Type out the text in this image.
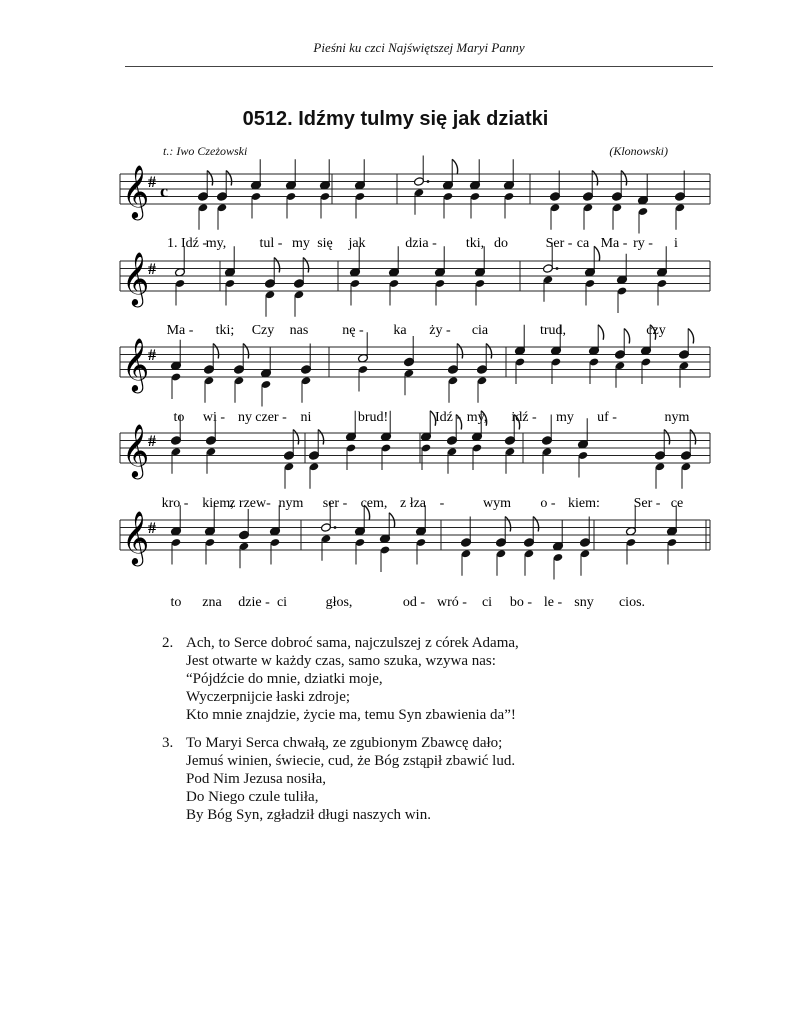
Pieśni ku czci Najświętszej Maryi Panny
0512. Idźmy tulmy się jak dziatki
t.: Iwo Czeżowski	(Klonowski)
𝄞
# c
1. Idź -
my, tul - my się jak	dzia - tki, do	Ser - ca Ma - ry - i
𝄞
#
Ma - tki; Czy nas nę - ka ży - cia	trud,	czy
𝄞
#
to wi - ny czer - ni	brud!	Idź - my, idź - my uf -	nym
𝄞
#
kro - kiem,
z rzew- nym ser - cem, z łza -	wym o - kiem: Ser - ce
𝄞
#
to zna dzie - ci	głos,	od - wró - ci bo - le - sny cios.
2. Ach, to Serce dobroć sama, najczulszej z córek Adama,
Jest otwarte w każdy czas, samo szuka, wzywa nas:
“Pójdźcie do mnie, dziatki moje,
Wyczerpnijcie łaski zdroje;
Kto mnie znajdzie, życie ma, temu Syn zbawienia da”!
3. To Maryi Serca chwałą, ze zgubionym Zbawcę dało;
Jemuś winien, świecie, cud, że Bóg zstąpił zbawić lud.
Pod Nim Jezusa nosiła,
Do Niego czule tuliła,
By Bóg Syn, zgładził długi naszych win.
